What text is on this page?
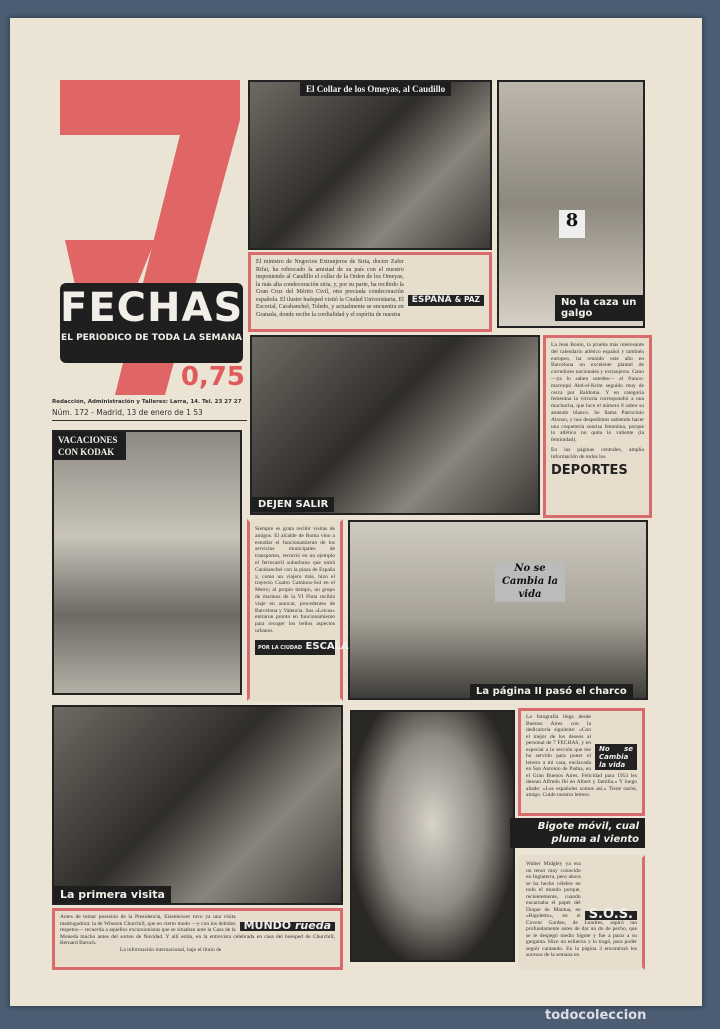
FECHAS
EL PERIODICO DE TODA LA SEMANA
0,75
Redacción, Administración y Talleres: Larra, 14. Tel. 23 27 27
Núm. 172 - Madrid, 13 de enero de 1 53
El Collar de los Omeyas, al Caudillo
ESPAÑA & PAZ
El ministro de Negocios Extranjeros de Siria, doctor Zafer Rifai, ha robrecado la amistad de su país con el nuestro imponiendo al Caudillo el collar de la Orden de los Omeyas, la más alta condecoración siria, y, por su parte, ha recibido la Gran Cruz del Mérito Civil, otra preciada condecoración española. El ilustre huésped visitó la Ciudad Universitaria, El Escorial, Carabanchel, Toledo, y actualmente se encuentra en Granada, donde recibe la cordialidad y el espíritu de nuestra
8
No la caza un galgo
DEJEN SALIR
La Jean Bouin, la prueba más interesante del calendario atlético español y también europeo, ha reunido este año en Barcelona un excelente plantel de corredores nacionales y extranjeros. Gano —ya lo saben ustedes— el franco-marroquí Abd-el-Krim seguido muy de cerca por Baldoma. Y en categoría femenina la victoria correspondió a una muchacha, que luce el número 8 sobre su atuendo blanco. Se llama Patrocinio Alonso, y nos despedimos sabiendo hacer una coquetería sonrisa femenina, porque lo atlético no quita lo valiente (la feminidad).
En las páginas centrales, amplia información de todos los
DEPORTES
VACACIONES CON KODAK
Siempre es grata recibir visitas de amigos. El alcalde de Roma vino a estudiar el funcionamiento de los servicios municipales de transportes, recorrió en un ejemplo el ferrocarril suburbano que unirá Carabanchel con la plaza de España y, como un viajero más, hizo el trayecto Cuatro Caminos-Sol en el Metro; al propio tiempo, un grupo de marinos de la VI Flota recibía viaje en autocar, procedentes de Barcelona y Valencia. Sus «Leicas» entraron pronto en funcionamiento para recoger los bellos aspectos urbanos.
POR LA CIUDAD ESCALA
No se Cambia la vida
La página II pasó el charco
La primera visita
MUNDO rueda
Antes de tomar posesión de la Presidencia, Eisenhower tuvo ya una visita madrugadora: la de Winston Churchill, que en cierto modo —y con los debidos respetos— recuerda a aquellos excursionistas que se situaban ante la Casa de la Moneda mucho antes del sorteo de Navidad. Y allí están, en la entrevista celebrada en casa del huésped de Churchill, Bernard Baruch.
La información internacional, bajo el título de
No se Cambia la vida
La fotografía llega desde Buenos Aires con la dedicatoria siguiente: «Con el mejor de los deseos al personal de 7 FECHAS, y en especial a la sección que me ha servido para poner el letrero a mi casa, enclavada en San Antonio de Padua, en el Gran Buenos Aires. Felicidad para 1953 les desean Alfredo Ibí en Albert y familia.» Y luego añade: «Los españoles somos así.» Tiene razón, amigo. Cuide nuestro letrero.
Bigote móvil, cual pluma al viento
S.O.S.
Walter Midgley ya era un tenor muy conocido en Inglaterra, pero ahora se ha hecho célebre en todo el mundo porque, recientemente, cuando encarnaba el papel del Duque de Mantua, en «Rigoletto», en el Covent Garden, de Londres, aspiró tan profundamente antes de dar un do de pecho, que se le despegó medio bigote y fue a parar a su garganta. Hizo un esfuerzo y lo tragó, para poder seguir cantando. En la página 3 encontrará los sucesos de la semana en
todocoleccion
